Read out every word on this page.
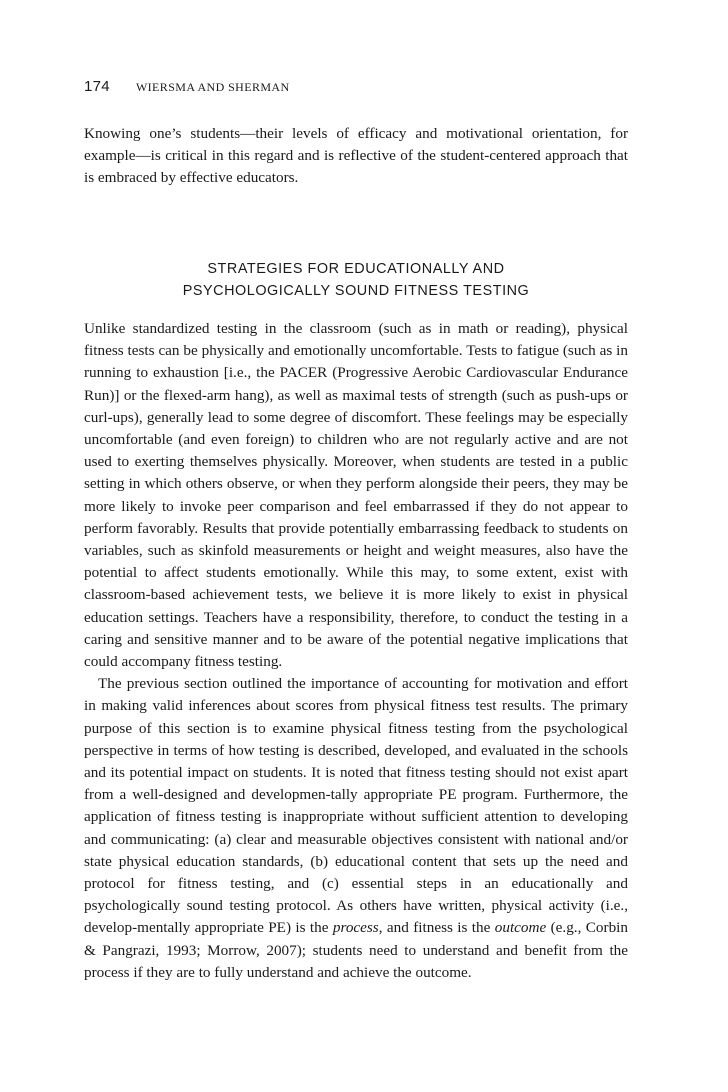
174 WIERSMA AND SHERMAN

Knowing one’s students—their levels of efficacy and motivational orientation, for example—is critical in this regard and is reflective of the student-centered approach that is embraced by effective educators.

STRATEGIES FOR EDUCATIONALLY AND
PSYCHOLOGICALLY SOUND FITNESS TESTING

Unlike standardized testing in the classroom (such as in math or reading), physical fitness tests can be physically and emotionally uncomfortable. Tests to fatigue (such as in running to exhaustion [i.e., the PACER (Progressive Aerobic Cardiovascular Endurance Run)] or the flexed-arm hang), as well as maximal tests of strength (such as push-ups or curl-ups), generally lead to some degree of discomfort. These feelings may be especially uncomfortable (and even foreign) to children who are not regularly active and are not used to exerting themselves physically. Moreover, when students are tested in a public setting in which others observe, or when they perform alongside their peers, they may be more likely to invoke peer comparison and feel embarrassed if they do not appear to perform favorably. Results that provide potentially embarrassing feedback to students on variables, such as skinfold measurements or height and weight measures, also have the potential to affect students emotionally. While this may, to some extent, exist with classroom-based achievement tests, we believe it is more likely to exist in physical education settings. Teachers have a responsibility, therefore, to conduct the testing in a caring and sensitive manner and to be aware of the potential negative implications that could accompany fitness testing.

The previous section outlined the importance of accounting for motivation and effort in making valid inferences about scores from physical fitness test results. The primary purpose of this section is to examine physical fitness testing from the psychological perspective in terms of how testing is described, developed, and evaluated in the schools and its potential impact on students. It is noted that fitness testing should not exist apart from a well-designed and developmen-tally appropriate PE program. Furthermore, the application of fitness testing is inappropriate without sufficient attention to developing and communicating: (a) clear and measurable objectives consistent with national and/or state physical education standards, (b) educational content that sets up the need and protocol for fitness testing, and (c) essential steps in an educationally and psychologically sound testing protocol. As others have written, physical activity (i.e., develop-mentally appropriate PE) is the process, and fitness is the outcome (e.g., Corbin & Pangrazi, 1993; Morrow, 2007); students need to understand and benefit from the process if they are to fully understand and achieve the outcome.
